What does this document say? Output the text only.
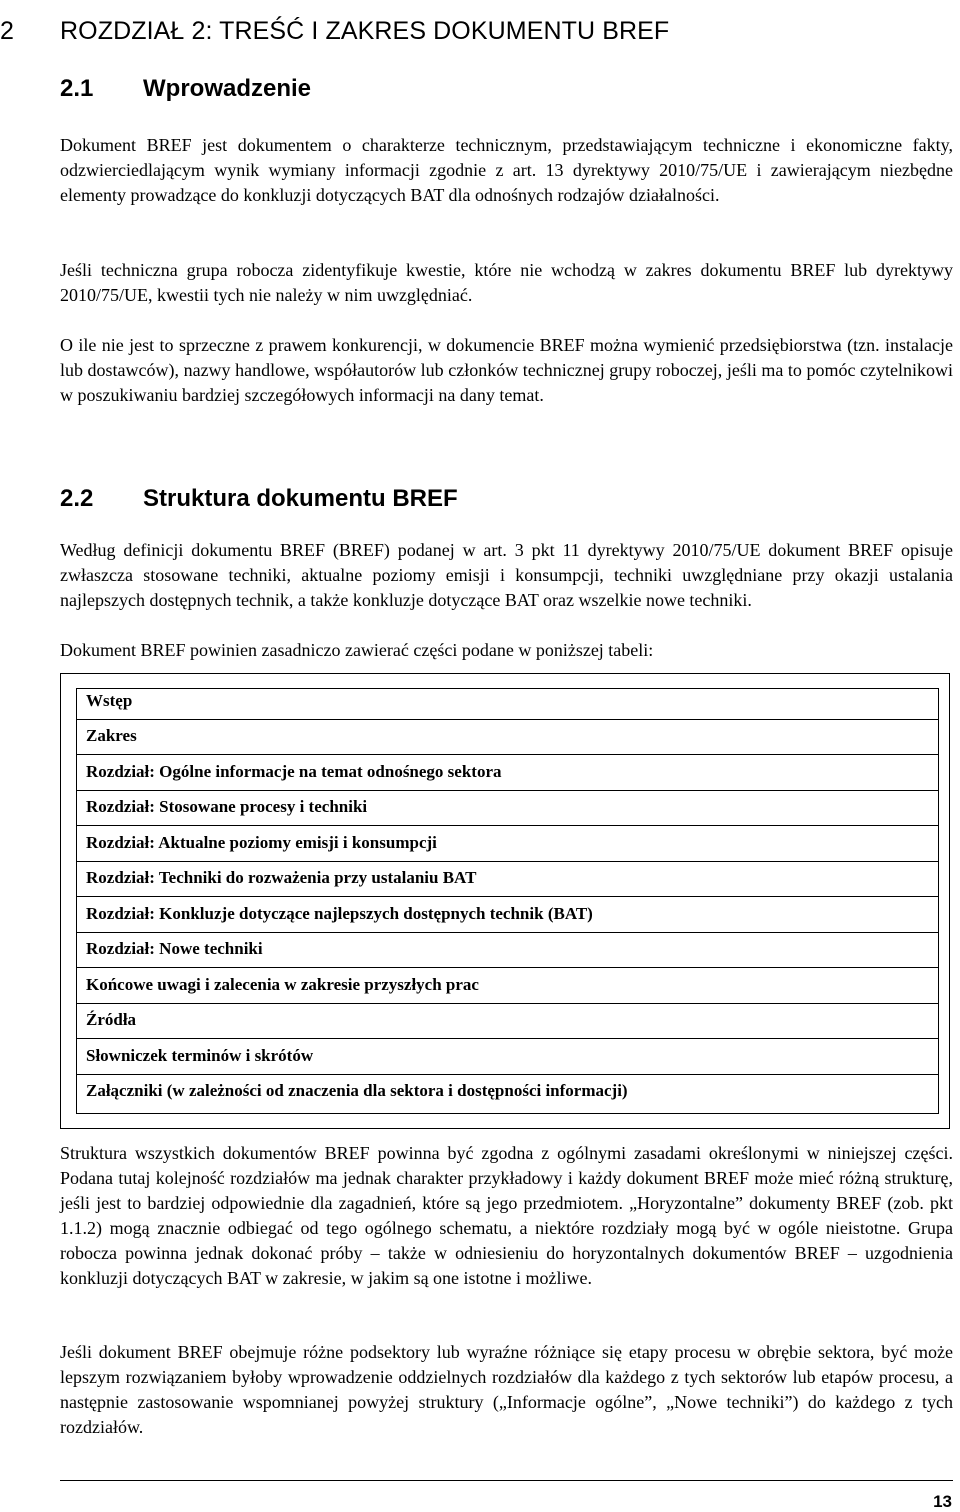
2 ROZDZIAŁ 2: TREŚĆ I ZAKRES DOKUMENTU BREF
2.1 Wprowadzenie

Dokument BREF jest dokumentem o charakterze technicznym, przedstawiającym techniczne i ekonomiczne fakty, odzwierciedlającym wynik wymiany informacji zgodnie z art. 13 dyrektywy 2010/75/UE i zawierającym niezbędne elementy prowadzące do konkluzji dotyczących BAT dla odnośnych rodzajów działalności.

Jeśli techniczna grupa robocza zidentyfikuje kwestie, które nie wchodzą w zakres dokumentu BREF lub dyrektywy 2010/75/UE, kwestii tych nie należy w nim uwzględniać.

O ile nie jest to sprzeczne z prawem konkurencji, w dokumencie BREF można wymienić przedsiębiorstwa (tzn. instalacje lub dostawców), nazwy handlowe, współautorów lub członków technicznej grupy roboczej, jeśli ma to pomóc czytelnikowi w poszukiwaniu bardziej szczegółowych informacji na dany temat.

2.2 Struktura dokumentu BREF

Według definicji dokumentu BREF (BREF) podanej w art. 3 pkt 11 dyrektywy 2010/75/UE dokument BREF opisuje zwłaszcza stosowane techniki, aktualne poziomy emisji i konsumpcji, techniki uwzględniane przy okazji ustalania najlepszych dostępnych technik, a także konkluzje dotyczące BAT oraz wszelkie nowe techniki.

Dokument BREF powinien zasadniczo zawierać części podane w poniższej tabeli:

Wstęp
Zakres
Rozdział: Ogólne informacje na temat odnośnego sektora
Rozdział: Stosowane procesy i techniki
Rozdział: Aktualne poziomy emisji i konsumpcji
Rozdział: Techniki do rozważenia przy ustalaniu BAT
Rozdział: Konkluzje dotyczące najlepszych dostępnych technik (BAT)
Rozdział: Nowe techniki
Końcowe uwagi i zalecenia w zakresie przyszłych prac
Źródła
Słowniczek terminów i skrótów
Załączniki (w zależności od znaczenia dla sektora i dostępności informacji)

Struktura wszystkich dokumentów BREF powinna być zgodna z ogólnymi zasadami określonymi w niniejszej części. Podana tutaj kolejność rozdziałów ma jednak charakter przykładowy i każdy dokument BREF może mieć różną strukturę, jeśli jest to bardziej odpowiednie dla zagadnień, które są jego przedmiotem. „Horyzontalne” dokumenty BREF (zob. pkt 1.1.2) mogą znacznie odbiegać od tego ogólnego schematu, a niektóre rozdziały mogą być w ogóle nieistotne. Grupa robocza powinna jednak dokonać próby – także w odniesieniu do horyzontalnych dokumentów BREF – uzgodnienia konkluzji dotyczących BAT w zakresie, w jakim są one istotne i możliwe.

Jeśli dokument BREF obejmuje różne podsektory lub wyraźne różniące się etapy procesu w obrębie sektora, być może lepszym rozwiązaniem byłoby wprowadzenie oddzielnych rozdziałów dla każdego z tych sektorów lub etapów procesu, a następnie zastosowanie wspomnianej powyżej struktury („Informacje ogólne”, „Nowe techniki”) do każdego z tych rozdziałów.

13
